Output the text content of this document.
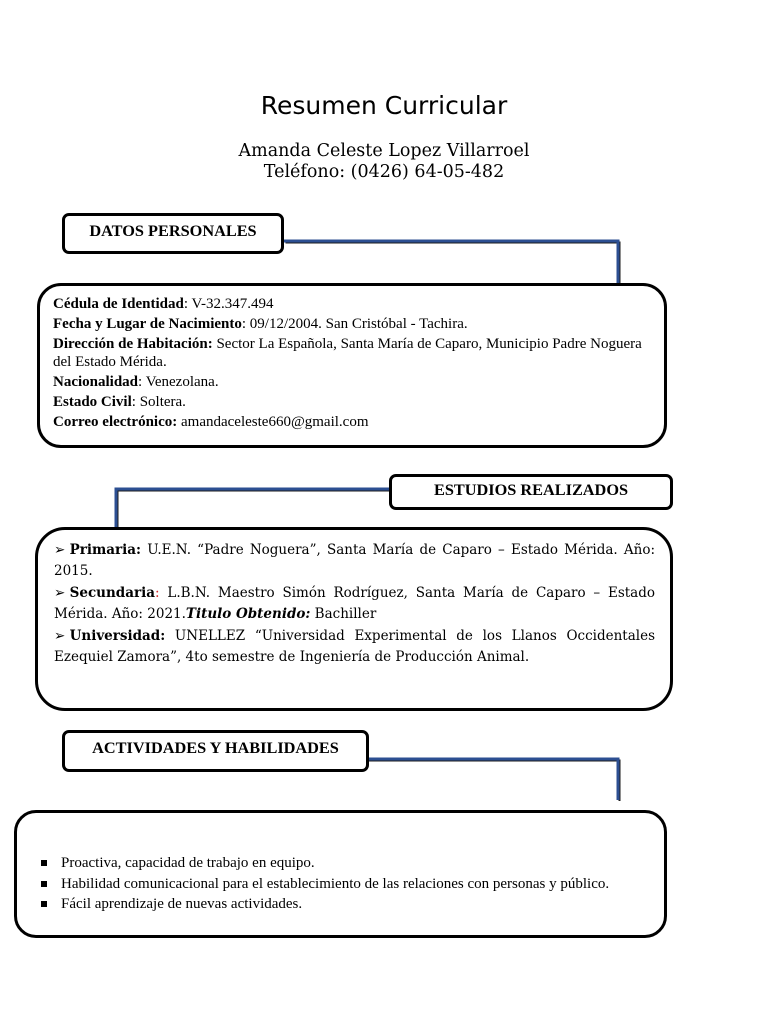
Resumen Curricular
Amanda Celeste Lopez Villarroel
Teléfono: (0426) 64-05-482
DATOS PERSONALES

Cédula de Identidad: V-32.347.494

Fecha y Lugar de Nacimiento: 09/12/2004. San Cristóbal - Tachira.

Dirección de Habitación: Sector La Española, Santa María de Caparo, Municipio Padre Noguera del Estado Mérida.

Nacionalidad: Venezolana.

Estado Civil: Soltera.

Correo electrónico: amandaceleste660@gmail.com

ESTUDIOS REALIZADOS

➢ Primaria: U.E.N. “Padre Noguera”, Santa María de Caparo – Estado Mérida. Año: 2015.

➢ Secundaria: L.B.N. Maestro Simón Rodríguez, Santa María de Caparo – Estado Mérida. Año: 2021.Titulo Obtenido: Bachiller

➢ Universidad: UNELLEZ “Universidad Experimental de los Llanos Occidentales Ezequiel Zamora”, 4to semestre de Ingeniería de Producción Animal.

ACTIVIDADES Y HABILIDADES
Proactiva, capacidad de trabajo en equipo.
Habilidad comunicacional para el establecimiento de las relaciones con personas y público.
Fácil aprendizaje de nuevas actividades.
